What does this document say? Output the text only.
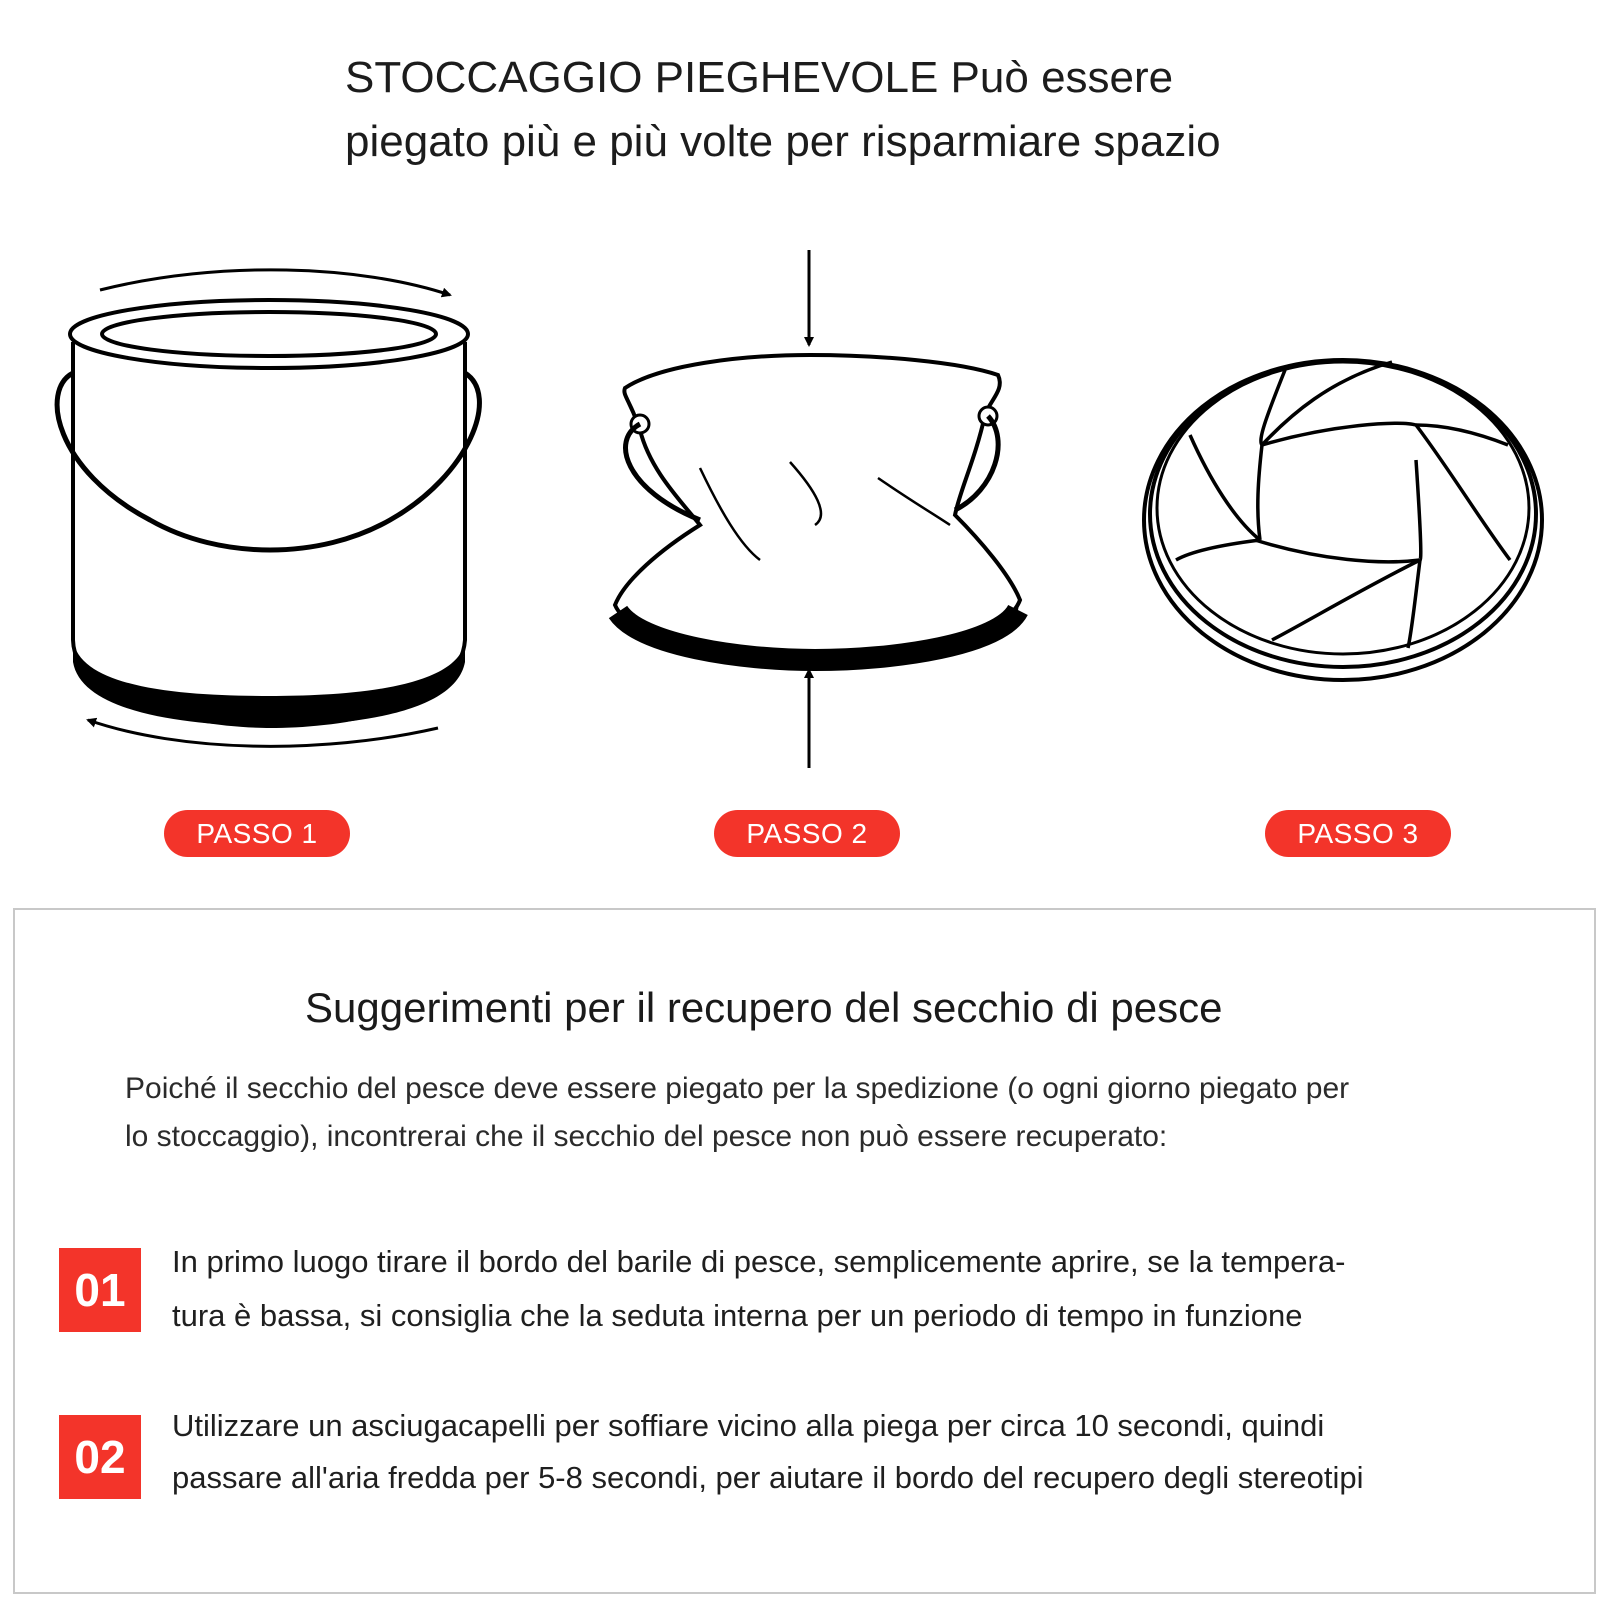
STOCCAGGIO PIEGHEVOLE Può essere
piegato più e più volte per risparmiare spazio
PASSO 1	PASSO 2	PASSO 3
Suggerimenti per il recupero del secchio di pesce
Poiché il secchio del pesce deve essere piegato per la spedizione (o ogni giorno piegato per
lo stoccaggio), incontrerai che il secchio del pesce non può essere recuperato:
01
In primo luogo tirare il bordo del barile di pesce, semplicemente aprire, se la tempera-
tura è bassa, si consiglia che la seduta interna per un periodo di tempo in funzione
02
Utilizzare un asciugacapelli per soffiare vicino alla piega per circa 10 secondi, quindi
passare all'aria fredda per 5-8 secondi, per aiutare il bordo del recupero degli stereotipi
